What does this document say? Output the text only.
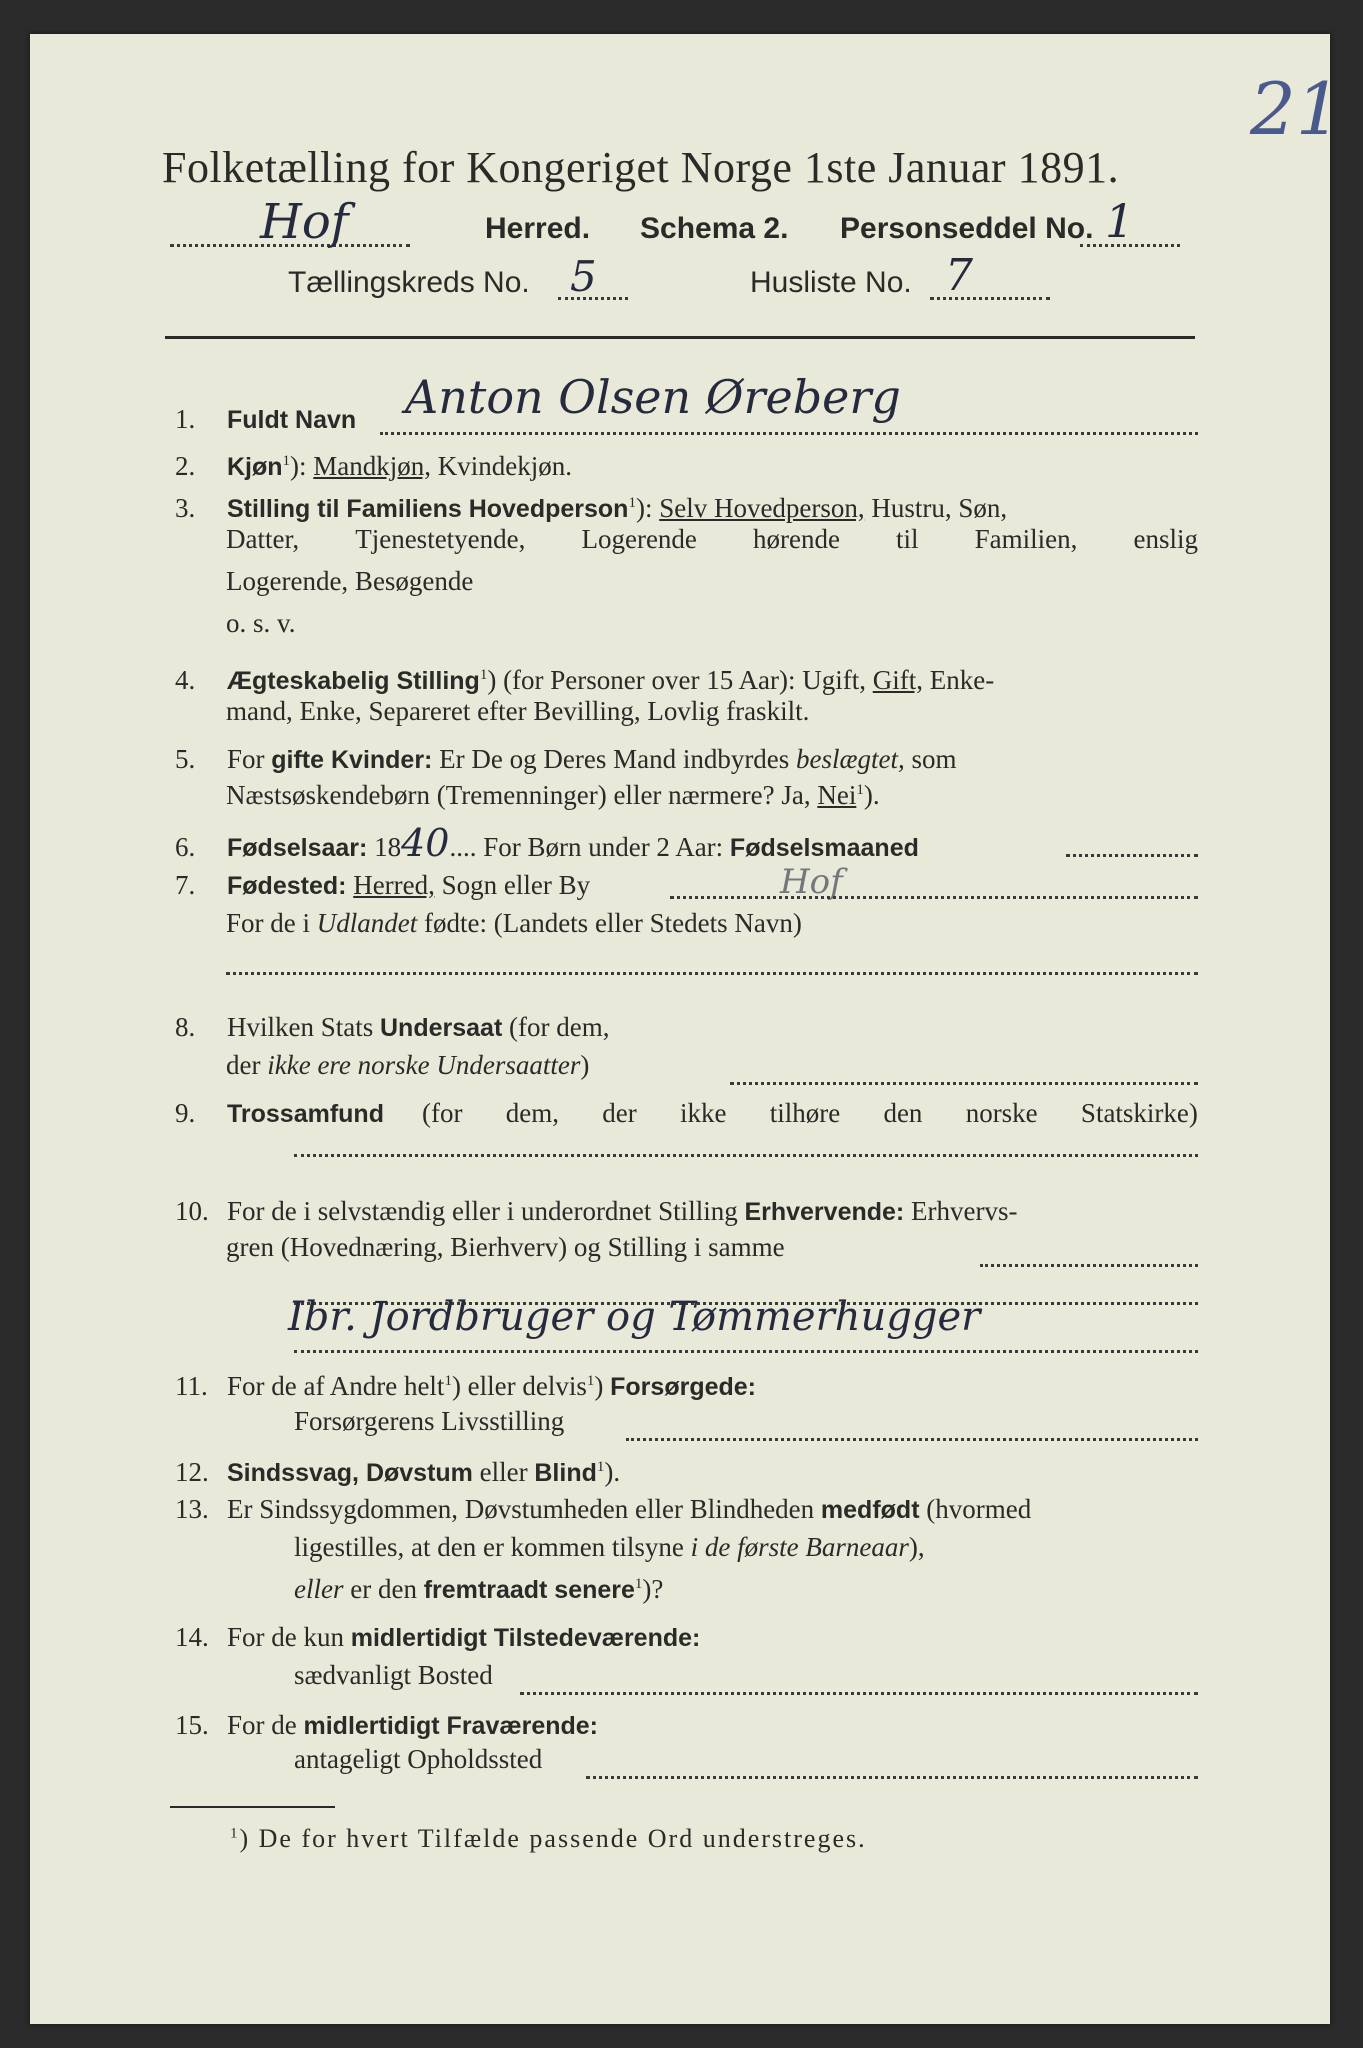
21
Folketælling for Kongeriget Norge 1ste Januar 1891.
Hof	Herred. Schema 2. Personseddel No. 1
Tællingskreds No. 5	Husliste No. 7
1. Fuldt Navn Anton Olsen Øreberg
2. Kjøn$^1$): Mandkjøn, Kvindekjøn.
3. Stilling til Familiens Hovedperson$^1$): Selv Hovedperson, Hustru, Søn,
Datter, Tjenestetyende, Logerende hørende til Familien, enslig
Logerende, Besøgende
o. s. v.
4. Ægteskabelig Stilling$^1$) (for Personer over 15 Aar): Ugift, Gift, Enke-
mand, Enke, Separeret efter Bevilling, Lovlig fraskilt.
5. For gifte Kvinder: Er De og Deres Mand indbyrdes beslægtet, som
Næstsøskendebørn (Tremenninger) eller nærmere? Ja, Nei$^1$).
6. Fødselsaar: 1840.... For Børn under 2 Aar: Fødselsmaaned
7. Fødested: Herred, Sogn eller By	Hof
For de i Udlandet fødte: (Landets eller Stedets Navn)
8. Hvilken Stats Undersaat (for dem,
der ikke ere norske Undersaatter)
9. Trossamfund (for dem, der ikke tilhøre den norske Statskirke)
10. For de i selvstændig eller i underordnet Stilling Erhvervende: Erhvervs-
gren (Hovednæring, Bierhverv) og Stilling i samme
Ibr. Jordbruger og Tømmerhugger
11. For de af Andre helt$^1$) eller delvis$^1$) Forsørgede:
Forsørgerens Livsstilling
12. Sindssvag, Døvstum eller Blind$^1$).
13. Er Sindssygdommen, Døvstumheden eller Blindheden medfødt (hvormed
ligestilles, at den er kommen tilsyne i de første Barneaar),
eller er den fremtraadt senere$^1$)?
14. For de kun midlertidigt Tilstedeværende:
sædvanligt Bosted
15. For de midlertidigt Fraværende:
antageligt Opholdssted
$^1$) De for hvert Tilfælde passende Ord understreges.
